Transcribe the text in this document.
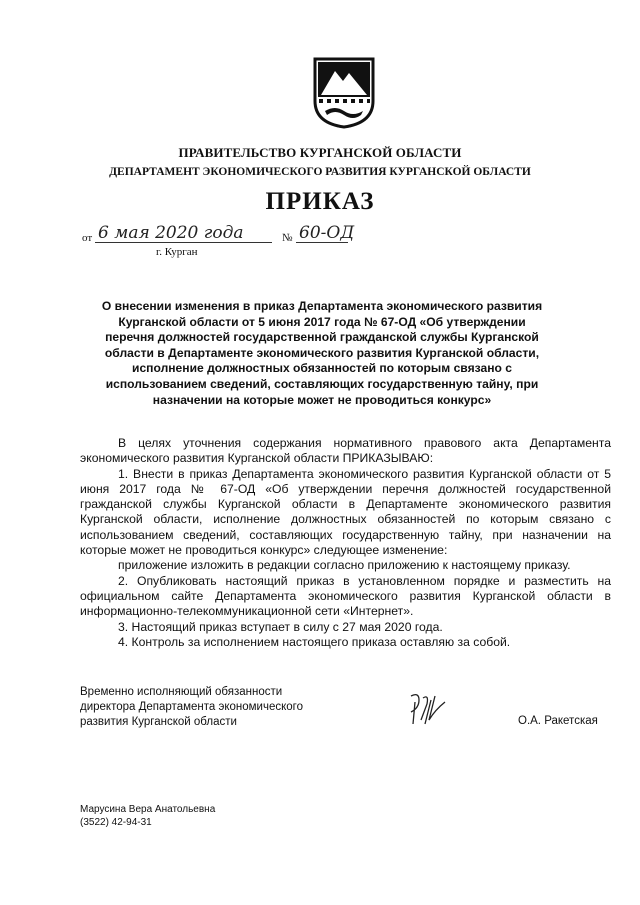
ПРАВИТЕЛЬСТВО КУРГАНСКОЙ ОБЛАСТИ
ДЕПАРТАМЕНТ ЭКОНОМИЧЕСКОГО РАЗВИТИЯ КУРГАНСКОЙ ОБЛАСТИ
ПРИКАЗ
от 6 мая 2020 года	№ 60-ОД
г. Курган
О внесении изменения в приказ Департамента экономического развития Курганской области от 5 июня 2017 года № 67-ОД «Об утверждении перечня должностей государственной гражданской службы Курганской области в Департаменте экономического развития Курганской области, исполнение должностных обязанностей по которым связано с использованием сведений, составляющих государственную тайну, при назначении на которые может не проводиться конкурс»

В целях уточнения содержания нормативного правового акта Департамента экономического развития Курганской области ПРИКАЗЫВАЮ:

1. Внести в приказ Департамента экономического развития Курганской области от 5 июня 2017 года № 67-ОД «Об утверждении перечня должностей государственной гражданской службы Курганской области в Департаменте экономического развития Курганской области, исполнение должностных обязанностей по которым связано с использованием сведений, составляющих государственную тайну, при назначении на которые может не проводиться конкурс» следующее изменение:

приложение изложить в редакции согласно приложению к настоящему приказу.

2. Опубликовать настоящий приказ в установленном порядке и разместить на официальном сайте Департамента экономического развития Курганской области в информационно-телекоммуникационной сети «Интернет».

3. Настоящий приказ вступает в силу с 27 мая 2020 года.

4. Контроль за исполнением настоящего приказа оставляю за собой.

Временно исполняющий обязанности
директора Департамента экономического
развития Курганской области	О.А. Ракетская
Марусина Вера Анатольевна
(3522) 42-94-31
